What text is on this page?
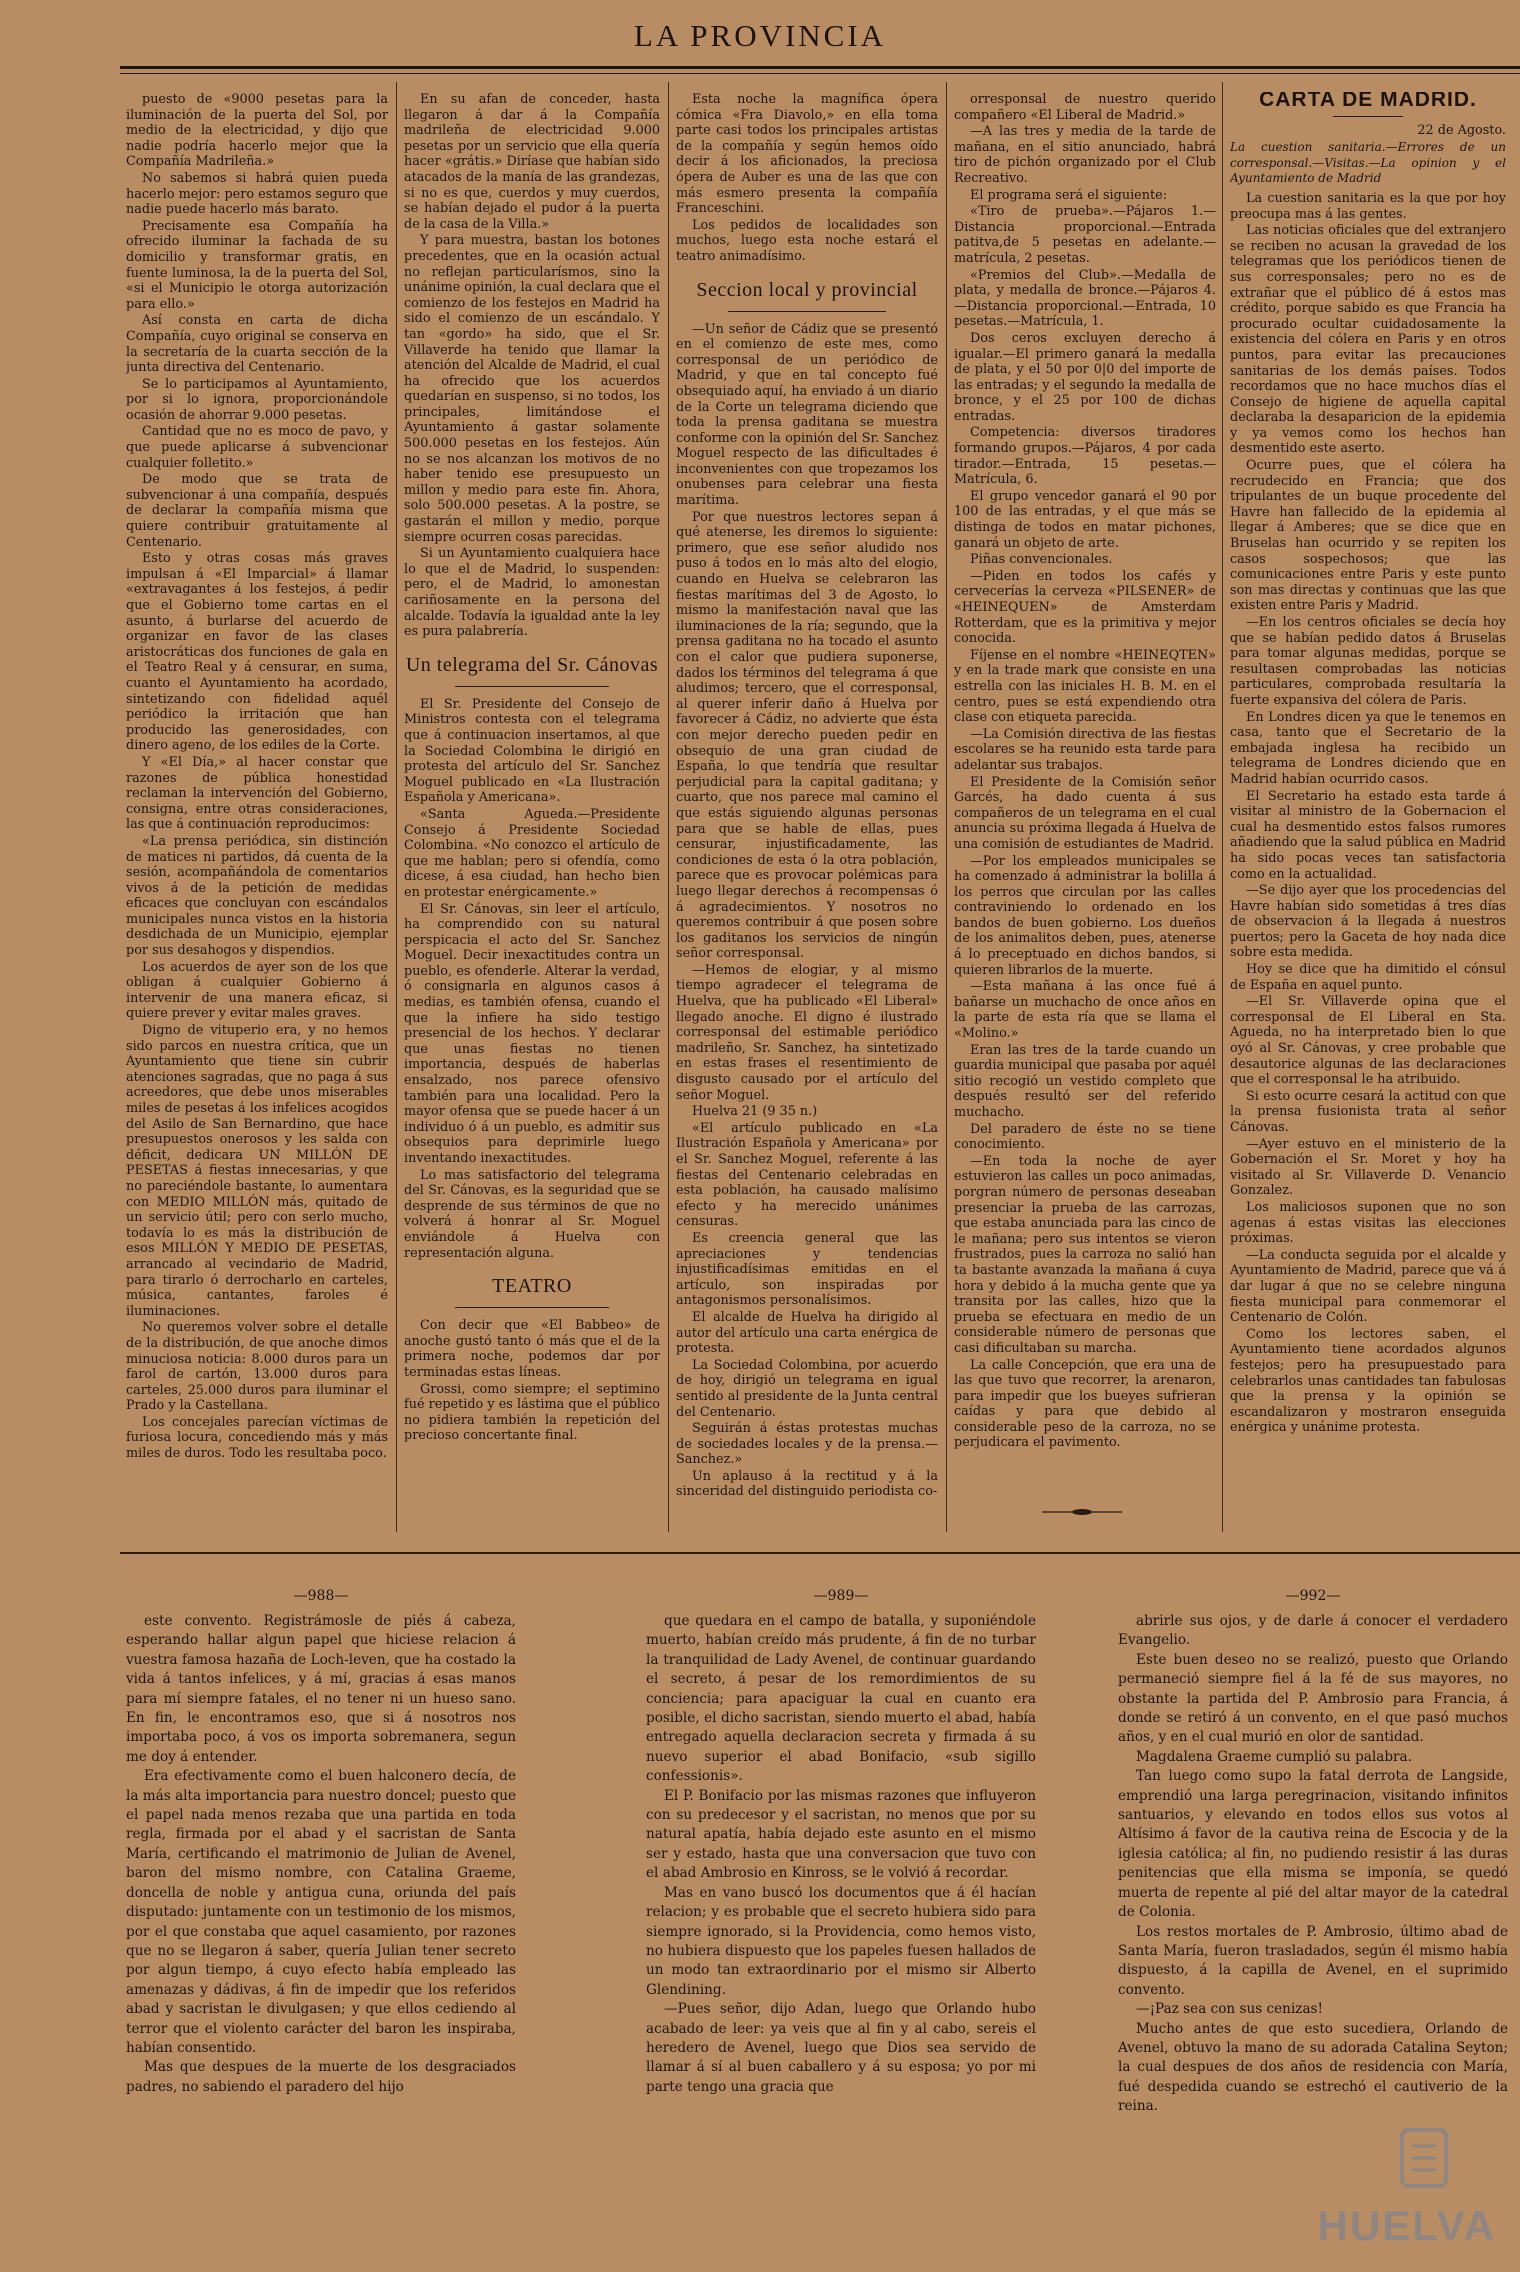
LA PROVINCIA

puesto de «9000 pesetas para la iluminación de la puerta del Sol, por medio de la electricidad, y dijo que nadie podría hacerlo mejor que la Compañía Madrileña.»

No sabemos si habrá quien pueda hacerlo mejor: pero estamos seguro que nadie puede hacerlo más barato.

Precisamente esa Compañía ha ofrecido iluminar la fachada de su domicilio y transformar gratis, en fuente luminosa, la de la puerta del Sol, «si el Municipio le otorga autorización para ello.»

Así consta en carta de dicha Compañía, cuyo original se conserva en la secretaría de la cuarta sección de la junta directiva del Centenario.

Se lo participamos al Ayuntamiento, por si lo ignora, proporcionándole ocasión de ahorrar 9.000 pesetas.

Cantidad que no es moco de pavo, y que puede aplicarse á subvencionar cualquier folletito.»

De modo que se trata de subvencionar á una compañía, después de declarar la compañía misma que quiere contribuir gratuitamente al Centenario.

Esto y otras cosas más graves impulsan á «El Imparcial» á llamar «extravagantes á los festejos, á pedir que el Gobierno tome cartas en el asunto, á burlarse del acuerdo de organizar en favor de las clases aristocráticas dos funciones de gala en el Teatro Real y á censurar, en suma, cuanto el Ayuntamiento ha acordado, sintetizando con fidelidad aquél periódico la irritación que han producido las generosidades, con dinero ageno, de los ediles de la Corte.

Y «El Día,» al hacer constar que razones de pública honestidad reclaman la intervención del Gobierno, consigna, entre otras consideraciones, las que á continuación reproducimos:

«La prensa periódica, sin distinción de matices ni partidos, dá cuenta de la sesión, acompañándola de comentarios vivos á de la petición de medidas eficaces que concluyan con escándalos municipales nunca vistos en la historia desdichada de un Municipio, ejemplar por sus desahogos y dispendios.

Los acuerdos de ayer son de los que obligan á cualquier Gobierno á intervenir de una manera eficaz, si quiere prever y evitar males graves.

Digno de vituperio era, y no hemos sido parcos en nuestra crítica, que un Ayuntamiento que tiene sin cubrir atenciones sagradas, que no paga á sus acreedores, que debe unos miserables miles de pesetas á los infelices acogidos del Asilo de San Bernardino, que hace presupuestos onerosos y les salda con déficit, dedicara UN MILLÓN DE PESETAS á fiestas innecesarias, y que no pareciéndole bastante, lo aumentara con MEDIO MILLÓN más, quitado de un servicio útil; pero con serlo mucho, todavía lo es más la distribución de esos MILLÓN Y MEDIO DE PESETAS, arrancado al vecindario de Madrid, para tirarlo ó derrocharlo en carteles, música, cantantes, faroles é iluminaciones.

No queremos volver sobre el detalle de la distribución, de que anoche dimos minuciosa noticia: 8.000 duros para un farol de cartón, 13.000 duros para carteles, 25.000 duros para iluminar el Prado y la Castellana.

Los concejales parecían víctimas de furiosa locura, concediendo más y más miles de duros. Todo les resultaba poco.

En su afan de conceder, hasta llegaron á dar á la Compañía madrileña de electricidad 9.000 pesetas por un servicio que ella quería hacer «grátis.» Diríase que habían sido atacados de la manía de las grandezas, si no es que, cuerdos y muy cuerdos, se habían dejado el pudor á la puerta de la casa de la Villa.»

Y para muestra, bastan los botones precedentes, que en la ocasión actual no reflejan particularísmos, sino la unánime opinión, la cual declara que el comienzo de los festejos en Madrid ha sido el comienzo de un escándalo. Y tan «gordo» ha sido, que el Sr. Villaverde ha tenido que llamar la atención del Alcalde de Madrid, el cual ha ofrecido que los acuerdos quedarían en suspenso, si no todos, los principales, limitándose el Ayuntamiento á gastar solamente 500.000 pesetas en los festejos. Aún no se nos alcanzan los motivos de no haber tenido ese presupuesto un millon y medio para este fin. Ahora, solo 500.000 pesetas. A la postre, se gastarán el millon y medio, porque siempre ocurren cosas parecidas.

Si un Ayuntamiento cualquiera hace lo que el de Madrid, lo suspenden: pero, el de Madrid, lo amonestan cariñosamente en la persona del alcalde. Todavía la igualdad ante la ley es pura palabrería.

Un telegrama del Sr. Cánovas

El Sr. Presidente del Consejo de Ministros contesta con el telegrama que á continuacion insertamos, al que la Sociedad Colombina le dirigió en protesta del artículo del Sr. Sanchez Moguel publicado en «La Ilustración Española y Americana».

«Santa Agueda.—Presidente Consejo á Presidente Sociedad Colombina. «No conozco el artículo de que me hablan; pero si ofendía, como dicese, á esa ciudad, han hecho bien en protestar enérgicamente.»

El Sr. Cánovas, sin leer el artículo, ha comprendido con su natural perspicacia el acto del Sr. Sanchez Moguel. Decir inexactitudes contra un pueblo, es ofenderle. Alterar la verdad, ó consignarla en algunos casos á medias, es también ofensa, cuando el que la infiere ha sido testigo presencial de los hechos. Y declarar que unas fiestas no tienen importancia, después de haberlas ensalzado, nos parece ofensivo también para una localidad. Pero la mayor ofensa que se puede hacer á un individuo ó á un pueblo, es admitir sus obsequios para deprimirle luego inventando inexactitudes.

Lo mas satisfactorio del telegrama del Sr. Cánovas, es la seguridad que se desprende de sus términos de que no volverá á honrar al Sr. Moguel enviándole á Huelva con representación alguna.

TEATRO

Con decir que «El Babbeo» de anoche gustó tanto ó más que el de la primera noche, podemos dar por terminadas estas líneas.

Grossi, como siempre; el septimino fué repetido y es lástima que el público no pidiera también la repetición del precioso concertante final.

Esta noche la magnífica ópera cómica «Fra Diavolo,» en ella toma parte casi todos los principales artistas de la compañía y según hemos oído decir á los aficionados, la preciosa ópera de Auber es una de las que con más esmero presenta la compañía Franceschini.

Los pedidos de localidades son muchos, luego esta noche estará el teatro animadísimo.

Seccion local y provincial

—Un señor de Cádiz que se presentó en el comienzo de este mes, como corresponsal de un periódico de Madrid, y que en tal concepto fué obsequiado aquí, ha enviado á un diario de la Corte un telegrama diciendo que toda la prensa gaditana se muestra conforme con la opinión del Sr. Sanchez Moguel respecto de las dificultades é inconvenientes con que tropezamos los onubenses para celebrar una fiesta marítima.

Por que nuestros lectores sepan á qué atenerse, les diremos lo siguiente: primero, que ese señor aludido nos puso á todos en lo más alto del elogio, cuando en Huelva se celebraron las fiestas marítimas del 3 de Agosto, lo mismo la manifestación naval que las iluminaciones de la ría; segundo, que la prensa gaditana no ha tocado el asunto con el calor que pudiera suponerse, dados los términos del telegrama á que aludimos; tercero, que el corresponsal, al querer inferir daño á Huelva por favorecer á Cádiz, no advierte que ésta con mejor derecho pueden pedir en obsequio de una gran ciudad de España, lo que tendría que resultar perjudicial para la capital gaditana; y cuarto, que nos parece mal camino el que estás siguiendo algunas personas para que se hable de ellas, pues censurar, injustificadamente, las condiciones de esta ó la otra población, parece que es provocar polémicas para luego llegar derechos á recompensas ó á agradecimientos. Y nosotros no queremos contribuir á que posen sobre los gaditanos los servicios de ningún señor corresponsal.

—Hemos de elogiar, y al mismo tiempo agradecer el telegrama de Huelva, que ha publicado «El Liberal» llegado anoche. El digno é ilustrado corresponsal del estimable periódico madrileño, Sr. Sanchez, ha sintetizado en estas frases el resentimiento de disgusto causado por el artículo del señor Moguel.

Huelva 21 (9 35 n.)

«El artículo publicado en «La Ilustración Española y Americana» por el Sr. Sanchez Moguel, referente á las fiestas del Centenario celebradas en esta población, ha causado malísimo efecto y ha merecido unánimes censuras.

Es creencia general que las apreciaciones y tendencias injustificadísimas emitidas en el artículo, son inspiradas por antagonismos personalísimos.

El alcalde de Huelva ha dirigido al autor del artículo una carta enérgica de protesta.

La Sociedad Colombina, por acuerdo de hoy, dirigió un telegrama en igual sentido al presidente de la Junta central del Centenario.

Seguirán á éstas protestas muchas de sociedades locales y de la prensa.—Sanchez.»

Un aplauso á la rectitud y á la sinceridad del distinguido periodista co-

orresponsal de nuestro querido compañero «El Liberal de Madrid.»

—A las tres y media de la tarde de mañana, en el sitio anunciado, habrá tiro de pichón organizado por el Club Recreativo.

El programa será el siguiente:

«Tiro de prueba».—Pájaros 1.—Distancia proporcional.—Entrada patitva,de 5 pesetas en adelante.—matrícula, 2 pesetas.

«Premios del Club».—Medalla de plata, y medalla de bronce.—Pájaros 4.—Distancia proporcional.—Entrada, 10 pesetas.—Matrícula, 1.

Dos ceros excluyen derecho á igualar.—El primero ganará la medalla de plata, y el 50 por 0|0 del importe de las entradas; y el segundo la medalla de bronce, y el 25 por 100 de dichas entradas.

Competencia: diversos tiradores formando grupos.—Pájaros, 4 por cada tirador.—Entrada, 15 pesetas.—Matrícula, 6.

El grupo vencedor ganará el 90 por 100 de las entradas, y el que más se distinga de todos en matar pichones, ganará un objeto de arte.

Piñas convencionales.

—Piden en todos los cafés y cervecerías la cerveza «PILSENER» de «HEINEQUEN» de Amsterdam Rotterdam, que es la primitiva y mejor conocida.

Fíjense en el nombre «HEINEQTEN» y en la trade mark que consiste en una estrella con las iniciales H. B. M. en el centro, pues se está expendiendo otra clase con etiqueta parecida.

—La Comisión directiva de las fiestas escolares se ha reunido esta tarde para adelantar sus trabajos.

El Presidente de la Comisión señor Garcés, ha dado cuenta á sus compañeros de un telegrama en el cual anuncia su próxima llegada á Huelva de una comisión de estudiantes de Madrid.

—Por los empleados municipales se ha comenzado á administrar la bolilla á los perros que circulan por las calles contraviniendo lo ordenado en los bandos de buen gobierno. Los dueños de los animalitos deben, pues, atenerse á lo preceptuado en dichos bandos, si quieren librarlos de la muerte.

—Esta mañana á las once fué á bañarse un muchacho de once años en la parte de esta ría que se llama el «Molino.»

Eran las tres de la tarde cuando un guardia municipal que pasaba por aquél sitio recogió un vestido completo que después resultó ser del referido muchacho.

Del paradero de éste no se tiene conocimiento.

—En toda la noche de ayer estuvieron las calles un poco animadas, porgran número de personas deseaban presenciar la prueba de las carrozas, que estaba anunciada para las cinco de le mañana; pero sus intentos se vieron frustrados, pues la carroza no salió han ta bastante avanzada la mañana á cuya hora y debido á la mucha gente que ya transita por las calles, hizo que la prueba se efectuara en medio de un considerable número de personas que casi dificultaban su marcha.

La calle Concepción, que era una de las que tuvo que recorrer, la arenaron, para impedir que los bueyes sufrieran caídas y para que debido al considerable peso de la carroza, no se perjudicara el pavimento.

CARTA DE MADRID.
22 de Agosto.
La cuestion sanitaria.—Errores de un corresponsal.—Visitas.—La opinion y el Ayuntamiento de Madrid

La cuestion sanitaria es la que por hoy preocupa mas á las gentes.

Las noticias oficiales que del extranjero se reciben no acusan la gravedad de los telegramas que los periódicos tienen de sus corresponsales; pero no es de extrañar que el público dé á estos mas crédito, porque sabido es que Francia ha procurado ocultar cuidadosamente la existencia del cólera en Paris y en otros puntos, para evitar las precauciones sanitarias de los demás países. Todos recordamos que no hace muchos días el Consejo de higiene de aquella capital declaraba la desaparicion de la epidemia y ya vemos como los hechos han desmentido este aserto.

Ocurre pues, que el cólera ha recrudecido en Francia; que dos tripulantes de un buque procedente del Havre han fallecido de la epidemia al llegar á Amberes; que se dice que en Bruselas han ocurrido y se repiten los casos sospechosos; que las comunicaciones entre Paris y este punto son mas directas y continuas que las que existen entre Paris y Madrid.

—En los centros oficiales se decía hoy que se habían pedido datos á Bruselas para tomar algunas medidas, porque se resultasen comprobadas las noticias particulares, comprobada resultaría la fuerte expansiva del cólera de Paris.

En Londres dicen ya que le tenemos en casa, tanto que el Secretario de la embajada inglesa ha recibido un telegrama de Londres diciendo que en Madrid habían ocurrido casos.

El Secretario ha estado esta tarde á visitar al ministro de la Gobernacion el cual ha desmentido estos falsos rumores añadiendo que la salud pública en Madrid ha sido pocas veces tan satisfactoria como en la actualidad.

—Se dijo ayer que los procedencias del Havre habían sido sometidas á tres días de observacion á la llegada á nuestros puertos; pero la Gaceta de hoy nada dice sobre esta medida.

Hoy se dice que ha dimitido el cónsul de España en aquel punto.

—El Sr. Villaverde opina que el corresponsal de El Liberal en Sta. Agueda, no ha interpretado bien lo que oyó al Sr. Cánovas, y cree probable que desautorice algunas de las declaraciones que el corresponsal le ha atribuido.

Si esto ocurre cesará la actitud con que la prensa fusionista trata al señor Cánovas.

—Ayer estuvo en el ministerio de la Gobernación el Sr. Moret y hoy ha visitado al Sr. Villaverde D. Venancio Gonzalez.

Los maliciosos suponen que no son agenas á estas visitas las elecciones próximas.

—La conducta seguida por el alcalde y Ayuntamiento de Madrid, parece que vá á dar lugar á que no se celebre ninguna fiesta municipal para conmemorar el Centenario de Colón.

Como los lectores saben, el Ayuntamiento tiene acordados algunos festejos; pero ha presupuestado para celebrarlos unas cantidades tan fabulosas que la prensa y la opinión se escandalizaron y mostraron enseguida enérgica y unánime protesta.

—988—

este convento. Registrámosle de piés á cabeza, esperando hallar algun papel que hiciese relacion á vuestra famosa hazaña de Loch-leven, que ha costado la vida á tantos infelices, y á mí, gracias á esas manos para mí siempre fatales, el no tener ni un hueso sano. En fin, le encontramos eso, que si á nosotros nos importaba poco, á vos os importa sobremanera, segun me doy á entender.

Era efectivamente como el buen halconero decía, de la más alta importancia para nuestro doncel; puesto que el papel nada menos rezaba que una partida en toda regla, firmada por el abad y el sacristan de Santa María, certificando el matrimonio de Julian de Avenel, baron del mismo nombre, con Catalina Graeme, doncella de noble y antigua cuna, oriunda del país disputado: juntamente con un testimonio de los mismos, por el que constaba que aquel casamiento, por razones que no se llegaron á saber, quería Julian tener secreto por algun tiempo, á cuyo efecto había empleado las amenazas y dádivas, á fin de impedir que los referidos abad y sacristan le divulgasen; y que ellos cediendo al terror que el violento carácter del baron les inspiraba, habían consentido.

Mas que despues de la muerte de los desgraciados padres, no sabiendo el paradero del hijo

—989—

que quedara en el campo de batalla, y suponiéndole muerto, habían creído más prudente, á fin de no turbar la tranquilidad de Lady Avenel, de continuar guardando el secreto, á pesar de los remordimientos de su conciencia; para apaciguar la cual en cuanto era posible, el dicho sacristan, siendo muerto el abad, había entregado aquella declaracion secreta y firmada á su nuevo superior el abad Bonifacio, «sub sigillo confessionis».

El P. Bonifacio por las mismas razones que influyeron con su predecesor y el sacristan, no menos que por su natural apatía, había dejado este asunto en el mismo ser y estado, hasta que una conversacion que tuvo con el abad Ambrosio en Kinross, se le volvió á recordar.

Mas en vano buscó los documentos que á él hacían relacion; y es probable que el secreto hubiera sido para siempre ignorado, si la Providencia, como hemos visto, no hubiera dispuesto que los papeles fuesen hallados de un modo tan extraordinario por el mismo sir Alberto Glendining.

—Pues señor, dijo Adan, luego que Orlando hubo acabado de leer: ya veis que al fin y al cabo, sereis el heredero de Avenel, luego que Dios sea servido de llamar á sí al buen caballero y á su esposa; yo por mi parte tengo una gracia que

—992—

abrirle sus ojos, y de darle á conocer el verdadero Evangelio.

Este buen deseo no se realizó, puesto que Orlando permaneció siempre fiel á la fé de sus mayores, no obstante la partida del P. Ambrosio para Francia, á donde se retiró á un convento, en el que pasó muchos años, y en el cual murió en olor de santidad.

Magdalena Graeme cumplió su palabra.

Tan luego como supo la fatal derrota de Langside, emprendió una larga peregrinacion, visitando infinitos santuarios, y elevando en todos ellos sus votos al Altísimo á favor de la cautiva reina de Escocia y de la iglesia católica; al fin, no pudiendo resistir á las duras penitencias que ella misma se imponía, se quedó muerta de repente al pié del altar mayor de la catedral de Colonia.

Los restos mortales de P. Ambrosio, último abad de Santa María, fueron trasladados, según él mismo había dispuesto, á la capilla de Avenel, en el suprimido convento.

—¡Paz sea con sus cenizas!

Mucho antes de que esto sucediera, Orlando de Avenel, obtuvo la mano de su adorada Catalina Seyton; la cual despues de dos años de residencia con María, fué despedida cuando se estrechó el cautiverio de la reina.

HUELVA
